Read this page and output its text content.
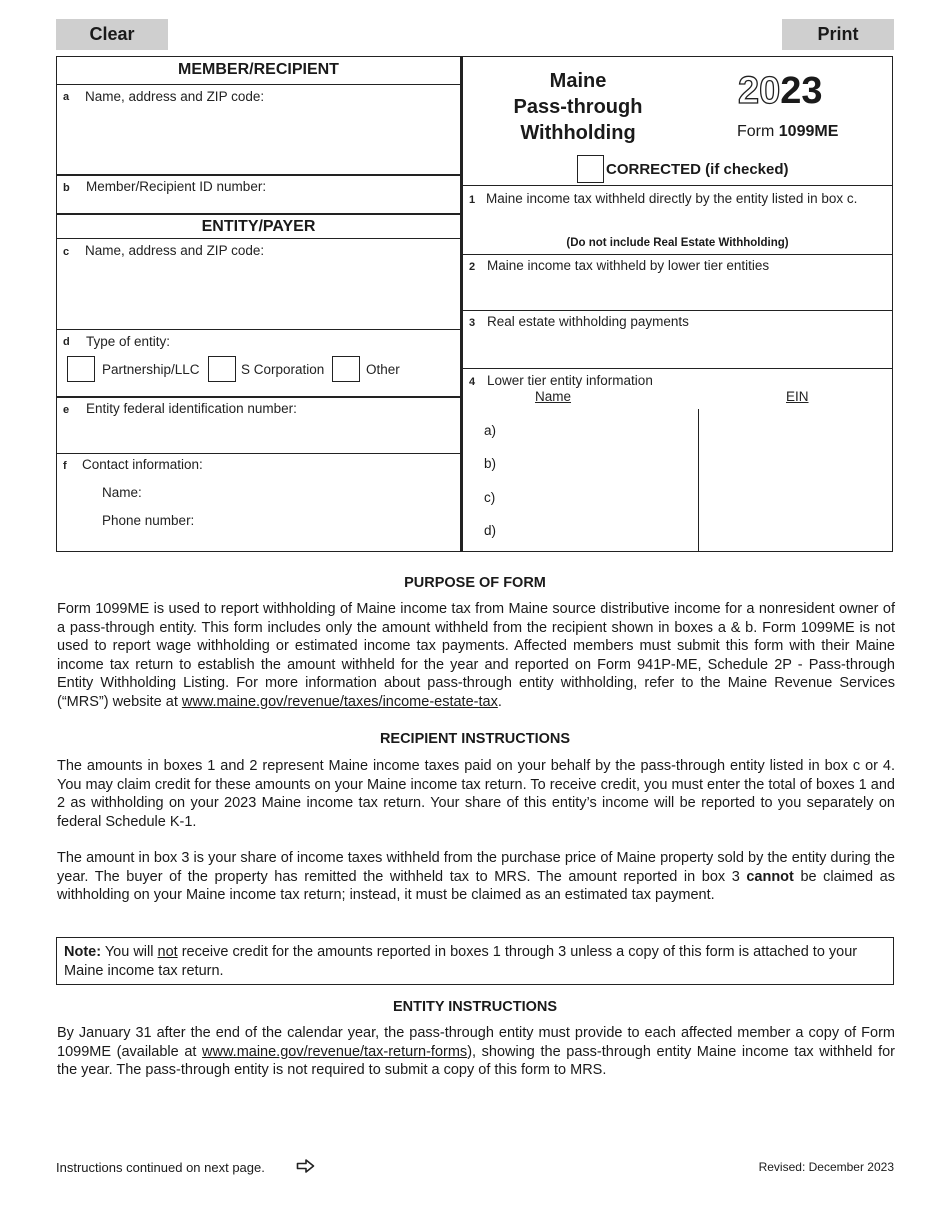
Clear	Print
MEMBER/RECIPIENT
a Name, address and ZIP code:
b Member/Recipient ID number:
ENTITY/PAYER
c Name, address and ZIP code:
d Type of entity:
Partnership/LLC	S Corporation	Other
e Entity federal identification number:
f Contact information:
Name:
Phone number:
Maine
Pass-through
Withholding
2023
Form 1099ME
CORRECTED (if checked)
1 Maine income tax withheld directly by the entity listed in box c.
(Do not include Real Estate Withholding)
2 Maine income tax withheld by lower tier entities
3 Real estate withholding payments
4 Lower tier entity information
Name	EIN
a)
b)
c)
d)
PURPOSE OF FORM
Form 1099ME is used to report withholding of Maine income tax from Maine source distributive income for a nonresident owner of a pass-through entity. This form includes only the amount withheld from the recipient shown in boxes a & b. Form 1099ME is not used to report wage withholding or estimated income tax payments. Affected members must submit this form with their Maine income tax return to establish the amount withheld for the year and reported on Form 941P-ME, Schedule 2P - Pass-through Entity Withholding Listing. For more information about pass-through entity withholding, refer to the Maine Revenue Services (“MRS”) website at www.maine.gov/revenue/taxes/income-estate-tax.
RECIPIENT INSTRUCTIONS
The amounts in boxes 1 and 2 represent Maine income taxes paid on your behalf by the pass-through entity listed in box c or 4. You may claim credit for these amounts on your Maine income tax return. To receive credit, you must enter the total of boxes 1 and 2 as withholding on your 2023 Maine income tax return. Your share of this entity’s income will be reported to you separately on federal Schedule K-1.
The amount in box 3 is your share of income taxes withheld from the purchase price of Maine property sold by the entity during the year. The buyer of the property has remitted the withheld tax to MRS. The amount reported in box 3 cannot be claimed as withholding on your Maine income tax return; instead, it must be claimed as an estimated tax payment.
Note: You will not receive credit for the amounts reported in boxes 1 through 3 unless a copy of this form is attached to your Maine income tax return.
ENTITY INSTRUCTIONS
By January 31 after the end of the calendar year, the pass-through entity must provide to each affected member a copy of Form 1099ME (available at www.maine.gov/revenue/tax-return-forms), showing the pass-through entity Maine income tax withheld for the year. The pass-through entity is not required to submit a copy of this form to MRS.
Instructions continued on next page.	Revised: December 2023
